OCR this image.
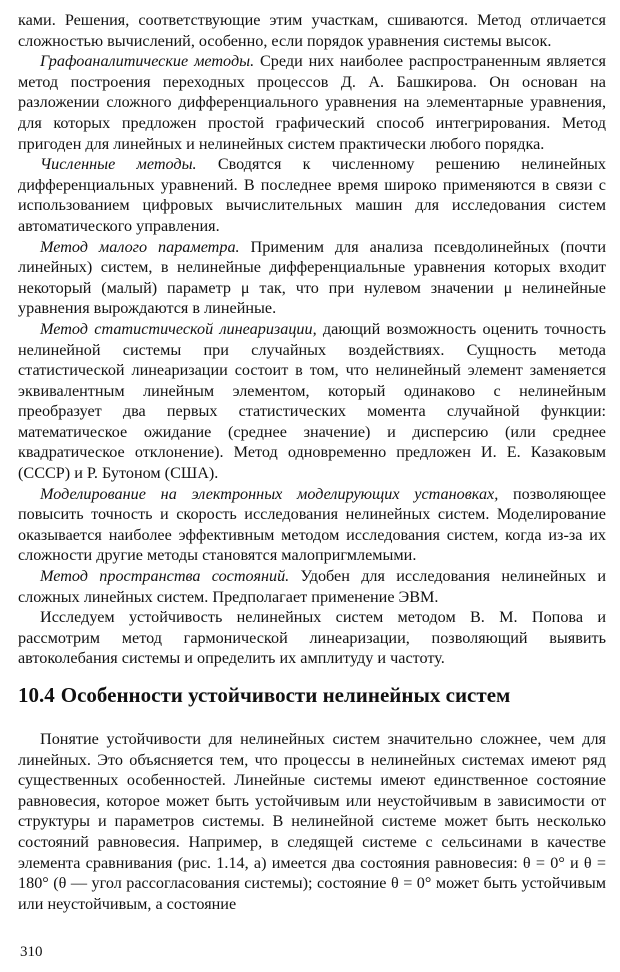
ками. Решения, соответствующие этим участкам, сшиваются. Метод отличается сложностью вычислений, особенно, если порядок уравнения системы высок.

Графоаналитические методы. Среди них наиболее распространенным является метод построения переходных процессов Д. А. Башкирова. Он основан на разложении сложного дифференциального уравнения на элементарные уравнения, для которых предложен простой графический способ интегрирования. Метод пригоден для линейных и нелинейных систем практически любого порядка.

Численные методы. Сводятся к численному решению нелинейных дифференциальных уравнений. В последнее время широко применяются в связи с использованием цифровых вычислительных машин для исследования систем автоматического управления.

Метод малого параметра. Применим для анализа псевдолинейных (почти линейных) систем, в нелинейные дифференциальные уравнения которых входит некоторый (малый) параметр μ так, что при нулевом значении μ нелинейные уравнения вырождаются в линейные.

Метод статистической линеаризации, дающий возможность оценить точность нелинейной системы при случайных воздействиях. Сущность метода статистической линеаризации состоит в том, что нелинейный элемент заменяется эквивалентным линейным элементом, который одинаково с нелинейным преобразует два первых статистических момента случайной функции: математическое ожидание (среднее значение) и дисперсию (или среднее квадратическое отклонение). Метод одновременно предложен И. Е. Казаковым (СССР) и Р. Бутоном (США).

Моделирование на электронных моделирующих установках, позволяющее повысить точность и скорость исследования нелинейных систем. Моделирование оказывается наиболее эффективным методом исследования систем, когда из-за их сложности другие методы становятся малопригмлемыми.

Метод пространства состояний. Удобен для исследования нелинейных и сложных линейных систем. Предполагает применение ЭВМ.

Исследуем устойчивость нелинейных систем методом В. М. Попова и рассмотрим метод гармонической линеаризации, позволяющий выявить автоколебания системы и определить их амплитуду и частоту.

10.4 Особенности устойчивости нелинейных систем

Понятие устойчивости для нелинейных систем значительно сложнее, чем для линейных. Это объясняется тем, что процессы в нелинейных системах имеют ряд существенных особенностей. Линейные системы имеют единственное состояние равновесия, которое может быть устойчивым или неустойчивым в зависимости от структуры и параметров системы. В нелинейной системе может быть несколько состояний равновесия. Например, в следящей системе с сельсинами в качестве элемента сравнивания (рис. 1.14, а) имеется два состояния равновесия: θ = 0° и θ = 180° (θ — угол рассогласования системы); состояние θ = 0° может быть устойчивым или неустойчивым, а состояние

310
